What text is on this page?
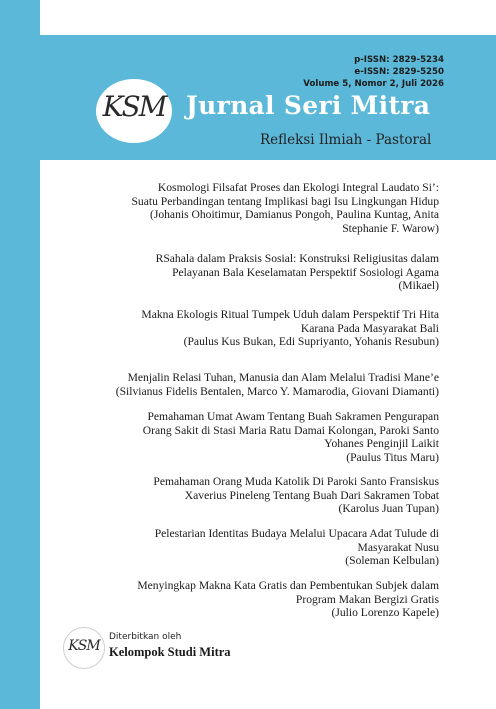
p-ISSN: 2829-5234
e-ISSN: 2829-5250
Volume 5, Nomor 2, Juli 2026
KSM Jurnal Seri Mitra
Refleksi Ilmiah - Pastoral
Kosmologi Filsafat Proses dan Ekologi Integral Laudato Si’:
Suatu Perbandingan tentang Implikasi bagi Isu Lingkungan Hidup
(Johanis Ohoitimur, Damianus Pongoh, Paulina Kuntag, Anita
Stephanie F. Warow)
RSahala dalam Praksis Sosial: Konstruksi Religiusitas dalam
Pelayanan Bala Keselamatan Perspektif Sosiologi Agama
(Mikael)
Makna Ekologis Ritual Tumpek Uduh dalam Perspektif Tri Hita
Karana Pada Masyarakat Bali
(Paulus Kus Bukan, Edi Supriyanto, Yohanis Resubun)
Menjalin Relasi Tuhan, Manusia dan Alam Melalui Tradisi Mane’e
(Silvianus Fidelis Bentalen, Marco Y. Mamarodia, Giovani Diamanti)
Pemahaman Umat Awam Tentang Buah Sakramen Pengurapan
Orang Sakit di Stasi Maria Ratu Damai Kolongan, Paroki Santo
Yohanes Penginjil Laikit
(Paulus Titus Maru)
Pemahaman Orang Muda Katolik Di Paroki Santo Fransiskus
Xaverius Pineleng Tentang Buah Dari Sakramen Tobat
(Karolus Juan Tupan)
Pelestarian Identitas Budaya Melalui Upacara Adat Tulude di
Masyarakat Nusu
(Soleman Kelbulan)
Menyingkap Makna Kata Gratis dan Pembentukan Subjek dalam
Program Makan Bergizi Gratis
(Julio Lorenzo Kapele)
KSM
Diterbitkan oleh
Kelompok Studi Mitra
